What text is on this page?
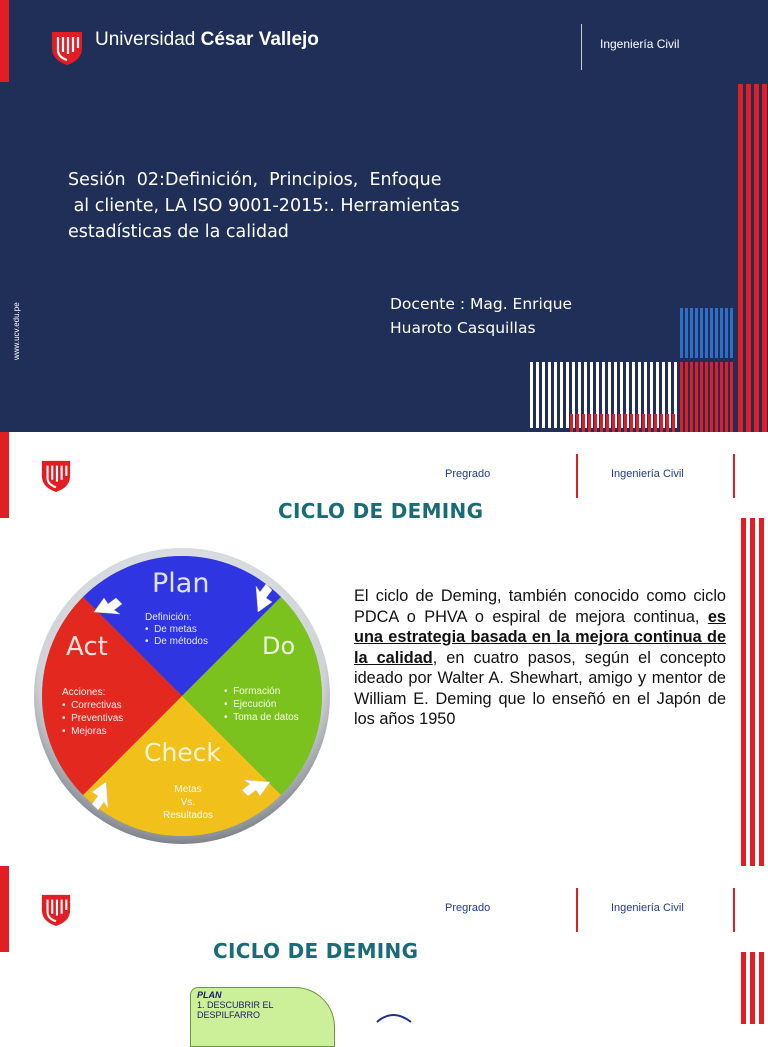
Universidad César Vallejo	Ingeniería Civil
Sesión  02:Definición,  Principios,  Enfoque
al cliente, LA ISO 9001-2015:. Herramientas
estadísticas de la calidad
Docente : Mag. Enrique
Huaroto Casquillas
www.ucv.edu.pe
Pregrado	Ingeniería Civil
CICLO DE DEMING
Plan
Definición:
•  De metas
•  De métodos Do
•  Formación
•  Ejecución
•  Toma de datos
Check
Metas
Vs.
Resultados
Act
Acciones:
•  Correctivas
•  Preventivas
•  Mejoras
El ciclo de Deming, también conocido como ciclo PDCA o PHVA o espiral de mejora continua, es una estrategia basada en la mejora continua de la calidad, en cuatro pasos, según el concepto ideado por Walter A. Shewhart, amigo y mentor de William E. Deming que lo enseñó en el Japón de los años 1950
Pregrado	Ingeniería Civil
CICLO DE DEMING
PLAN
1. DESCUBRIR EL
DESPILFARRO
